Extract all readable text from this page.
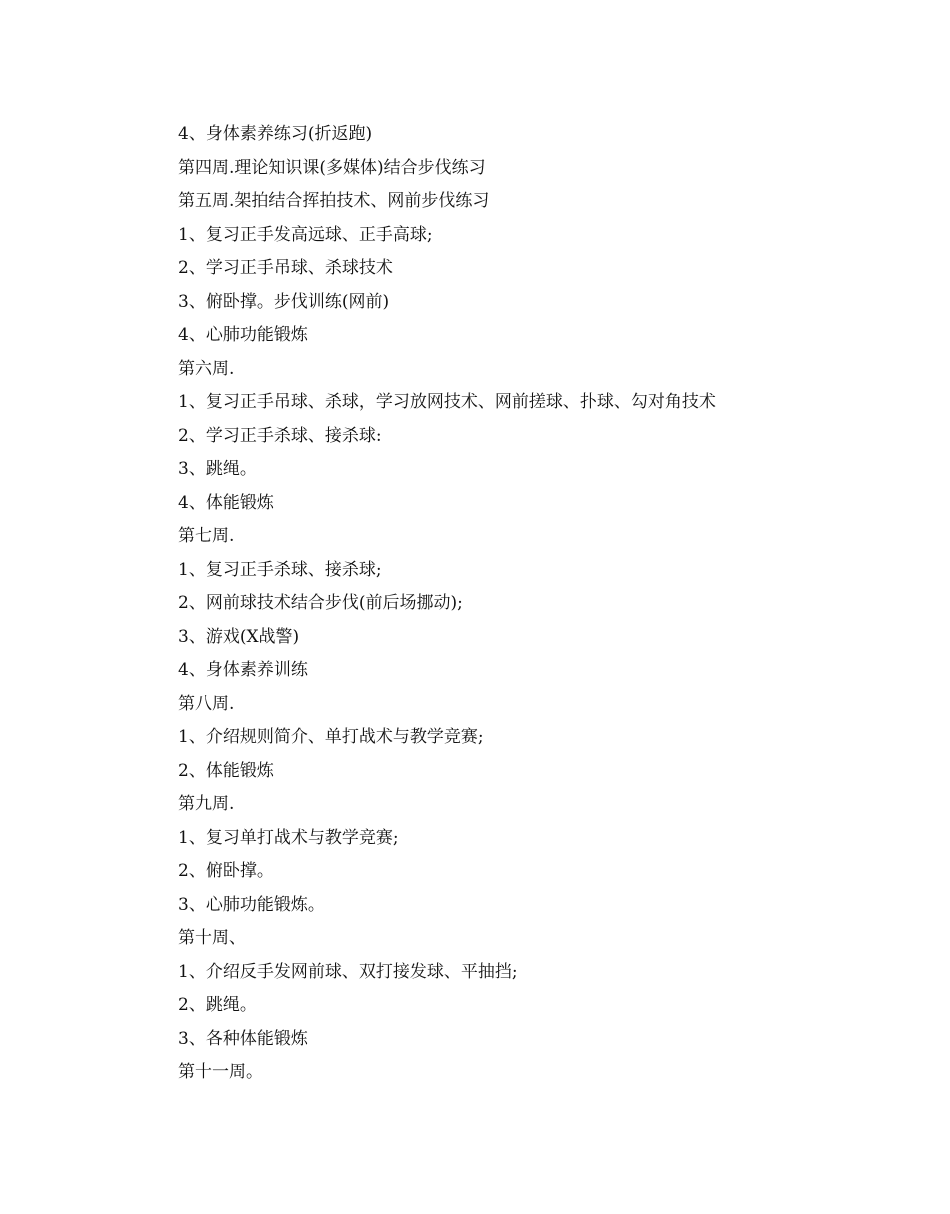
4、身体素养练习(折返跑)
第四周.理论知识课(多媒体)结合步伐练习
第五周.架拍结合挥拍技术、网前步伐练习
1、复习正手发高远球、正手高球;
2、学习正手吊球、杀球技术
3、俯卧撑。步伐训练(网前)
4、心肺功能锻炼
第六周.
1、复习正手吊球、杀球，学习放网技术、网前搓球、扑球、勾对角技术
2、学习正手杀球、接杀球:
3、跳绳。
4、体能锻炼
第七周.
1、复习正手杀球、接杀球;
2、网前球技术结合步伐(前后场挪动);
3、游戏(X战警)
4、身体素养训练
第八周.
1、介绍规则简介、单打战术与教学竞赛;
2、体能锻炼
第九周.
1、复习单打战术与教学竞赛;
2、俯卧撑。
3、心肺功能锻炼。
第十周、
1、介绍反手发网前球、双打接发球、平抽挡;
2、跳绳。
3、各种体能锻炼
第十一周。
